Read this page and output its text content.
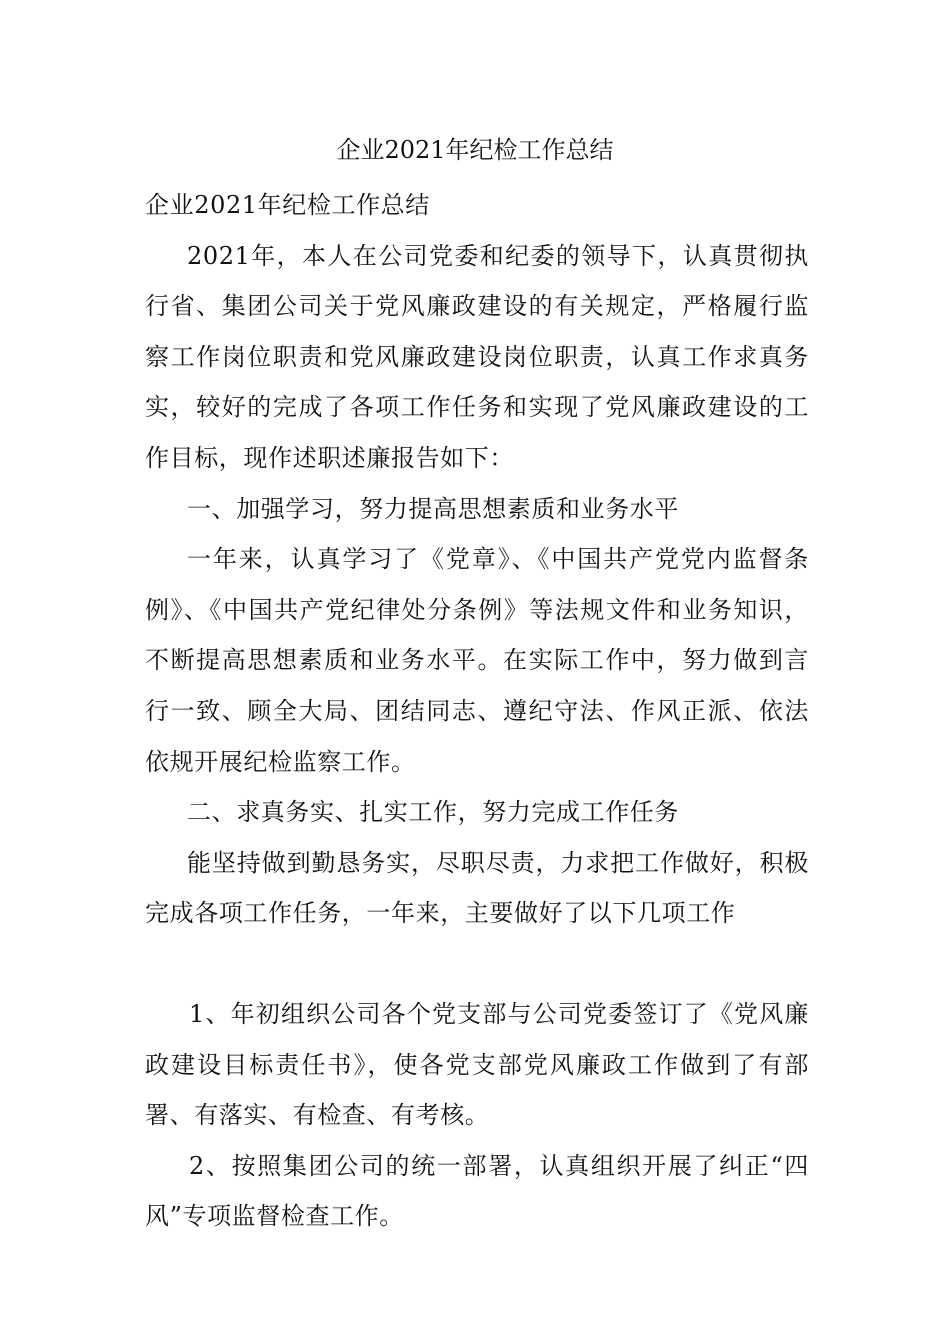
企业2021年纪检工作总结

企业2021年纪检工作总结

2021年，本人在公司党委和纪委的领导下，认真贯彻执行省、集团公司关于党风廉政建设的有关规定，严格履行监察工作岗位职责和党风廉政建设岗位职责，认真工作求真务实，较好的完成了各项工作任务和实现了党风廉政建设的工作目标，现作述职述廉报告如下：

一、加强学习，努力提高思想素质和业务水平

一年来，认真学习了《党章》、《中国共产党党内监督条例》、《中国共产党纪律处分条例》等法规文件和业务知识，不断提高思想素质和业务水平。在实际工作中，努力做到言行一致、顾全大局、团结同志、遵纪守法、作风正派、依法依规开展纪检监察工作。

二、求真务实、扎实工作，努力完成工作任务

能坚持做到勤恳务实，尽职尽责，力求把工作做好，积极完成各项工作任务，一年来，主要做好了以下几项工作

1、年初组织公司各个党支部与公司党委签订了《党风廉政建设目标责任书》，使各党支部党风廉政工作做到了有部署、有落实、有检查、有考核。

2、按照集团公司的统一部署，认真组织开展了纠正“四风”专项监督检查工作。
